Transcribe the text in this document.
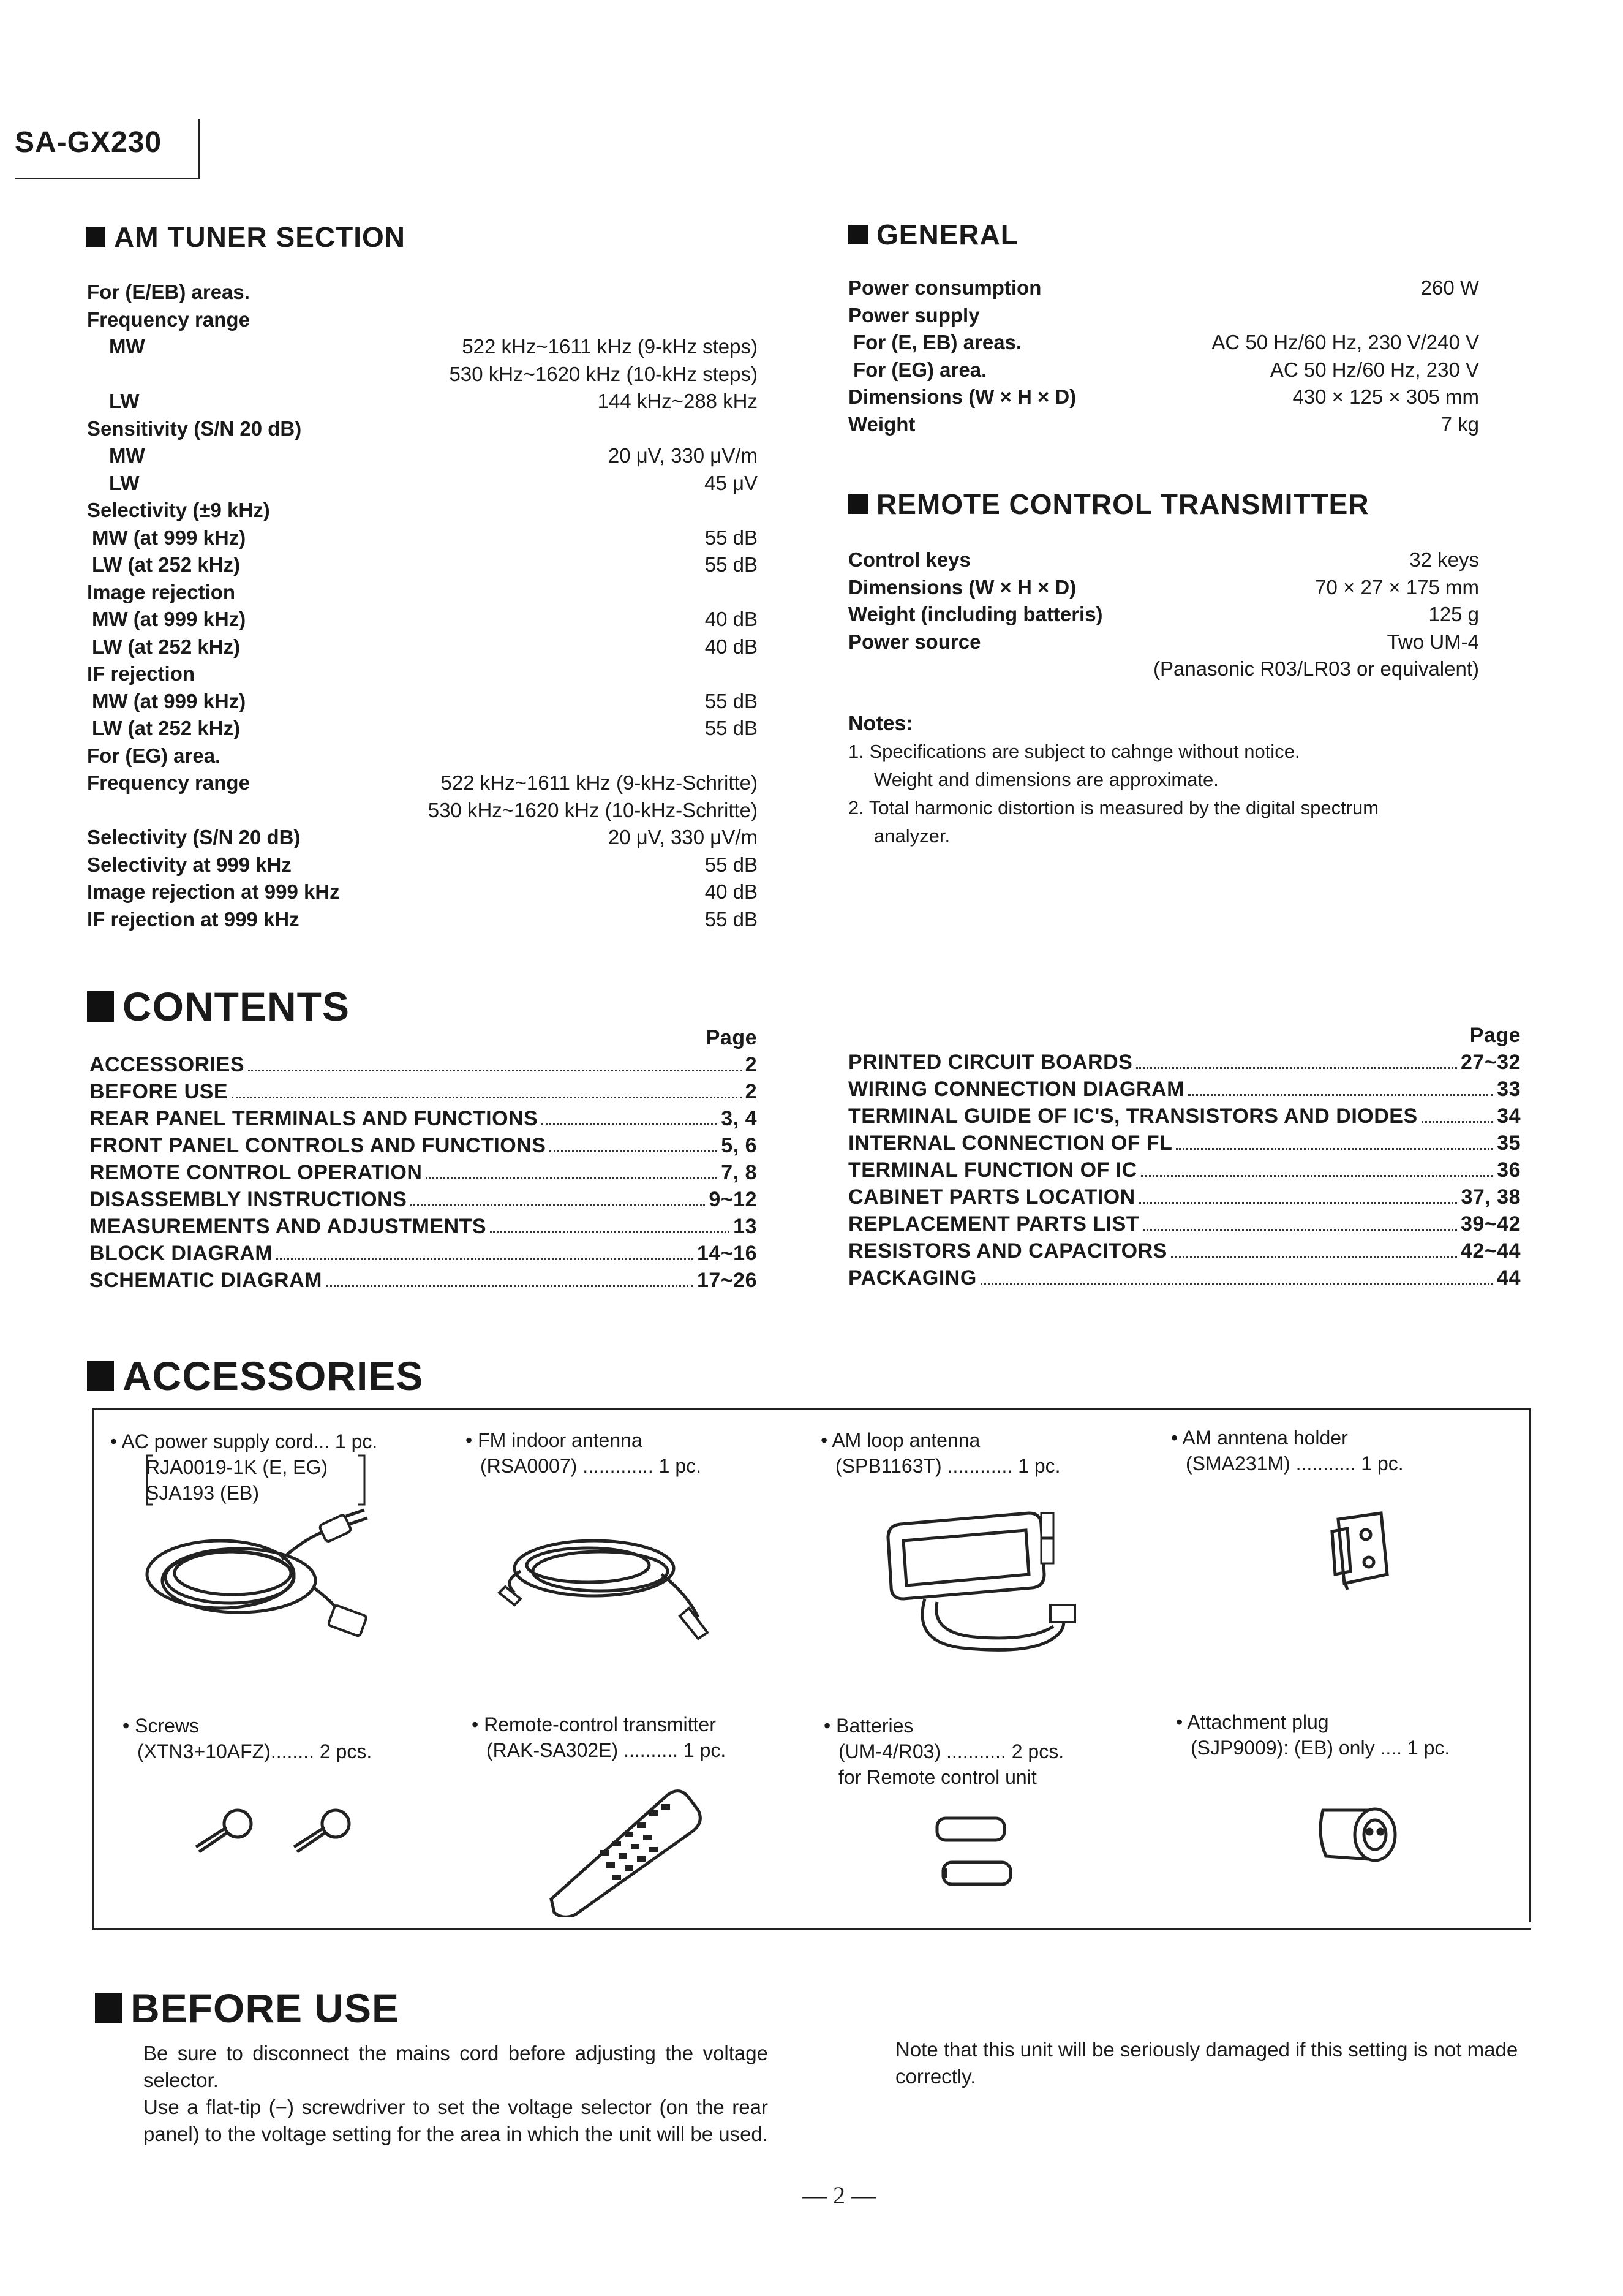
SA-GX230
AM TUNER SECTION
For (E/EB) areas.
Frequency range
MW	522 kHz~1611 kHz (9-kHz steps)
530 kHz~1620 kHz (10-kHz steps)
LW	144 kHz~288 kHz
Sensitivity (S/N 20 dB)
MW	20 μV, 330 μV/m
LW	45 μV
Selectivity (±9 kHz)
MW (at 999 kHz)	55 dB
LW (at 252 kHz)	55 dB
Image rejection
MW (at 999 kHz)	40 dB
LW (at 252 kHz)	40 dB
IF rejection
MW (at 999 kHz)	55 dB
LW (at 252 kHz)	55 dB
For (EG) area.
Frequency range	522 kHz~1611 kHz (9-kHz-Schritte)
530 kHz~1620 kHz (10-kHz-Schritte)
Selectivity (S/N 20 dB)	20 μV, 330 μV/m
Selectivity at 999 kHz	55 dB
Image rejection at 999 kHz	40 dB
IF rejection at 999 kHz	55 dB
GENERAL
Power consumption	260 W
Power supply
For (E, EB) areas.	AC 50 Hz/60 Hz, 230 V/240 V
For (EG) area.	AC 50 Hz/60 Hz, 230 V
Dimensions (W × H × D)	430 × 125 × 305 mm
Weight	7 kg
REMOTE CONTROL TRANSMITTER
Control keys	32 keys
Dimensions (W × H × D)	70 × 27 × 175 mm
Weight (including batteris)	125 g
Power source	Two UM-4
(Panasonic R03/LR03 or equivalent)
Notes:
1. Specifications are subject to cahnge without notice.
Weight and dimensions are approximate.
2. Total harmonic distortion is measured by the digital spectrum
analyzer.
CONTENTS
Page
ACCESSORIES	2
BEFORE USE	2
REAR PANEL TERMINALS AND FUNCTIONS	3, 4
FRONT PANEL CONTROLS AND FUNCTIONS	5, 6
REMOTE CONTROL OPERATION	7, 8
DISASSEMBLY INSTRUCTIONS	9~12
MEASUREMENTS AND ADJUSTMENTS	13
BLOCK DIAGRAM	14~16
SCHEMATIC DIAGRAM	17~26
Page
PRINTED CIRCUIT BOARDS	27~32
WIRING CONNECTION DIAGRAM	33
TERMINAL GUIDE OF IC'S, TRANSISTORS AND DIODES	34
INTERNAL CONNECTION OF FL	35
TERMINAL FUNCTION OF IC	36
CABINET PARTS LOCATION	37, 38
REPLACEMENT PARTS LIST	39~42
RESISTORS AND CAPACITORS	42~44
PACKAGING	44
ACCESSORIES
• AC power supply cord... 1 pc.
RJA0019-1K (E, EG)
SJA193 (EB)
• FM indoor antenna
(RSA0007) ............. 1 pc.
• AM loop antenna
(SPB1163T) ............ 1 pc.
• AM anntena holder
(SMA231M) ........... 1 pc.
• Screws
(XTN3+10AFZ)........ 2 pcs.
• Remote-control transmitter
(RAK-SA302E) .......... 1 pc.
• Batteries
(UM-4/R03) ........... 2 pcs.
for Remote control unit
• Attachment plug
(SJP9009): (EB) only .... 1 pc.
BEFORE USE
Be sure to disconnect the mains cord before adjusting the voltage selector.
Use a flat-tip (−) screwdriver to set the voltage selector (on the rear panel) to the voltage setting for the area in which the unit will be used.
Note that this unit will be seriously damaged if this setting is not made correctly.
— 2 —
